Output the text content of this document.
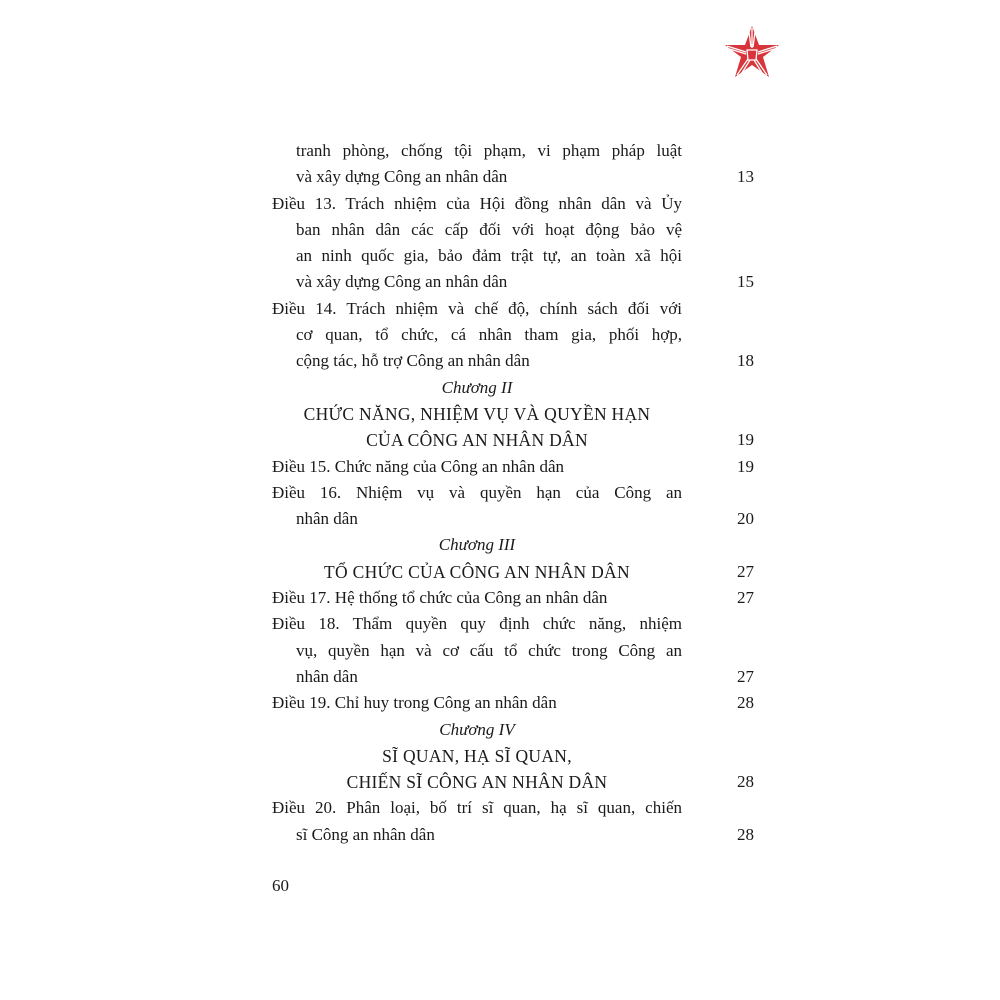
tranh phòng, chống tội phạm, vi phạm pháp luật
và xây dựng Công an nhân dân	13
Điều 13. Trách nhiệm của Hội đồng nhân dân và Ủy
ban nhân dân các cấp đối với hoạt động bảo vệ
an ninh quốc gia, bảo đảm trật tự, an toàn xã hội
và xây dựng Công an nhân dân	15
Điều 14. Trách nhiệm và chế độ, chính sách đối với
cơ quan, tổ chức, cá nhân tham gia, phối hợp,
cộng tác, hỗ trợ Công an nhân dân	18
Chương II
CHỨC NĂNG, NHIỆM VỤ VÀ QUYỀN HẠN
CỦA CÔNG AN NHÂN DÂN	19
Điều 15. Chức năng của Công an nhân dân	19
Điều 16. Nhiệm vụ và quyền hạn của Công an
nhân dân	20
Chương III
TỔ CHỨC CỦA CÔNG AN NHÂN DÂN	27
Điều 17. Hệ thống tổ chức của Công an nhân dân	27
Điều 18. Thẩm quyền quy định chức năng, nhiệm
vụ, quyền hạn và cơ cấu tổ chức trong Công an
nhân dân	27
Điều 19. Chỉ huy trong Công an nhân dân	28
Chương IV
SĨ QUAN, HẠ SĨ QUAN,
CHIẾN SĨ CÔNG AN NHÂN DÂN	28
Điều 20. Phân loại, bố trí sĩ quan, hạ sĩ quan, chiến
sĩ Công an nhân dân	28
60
